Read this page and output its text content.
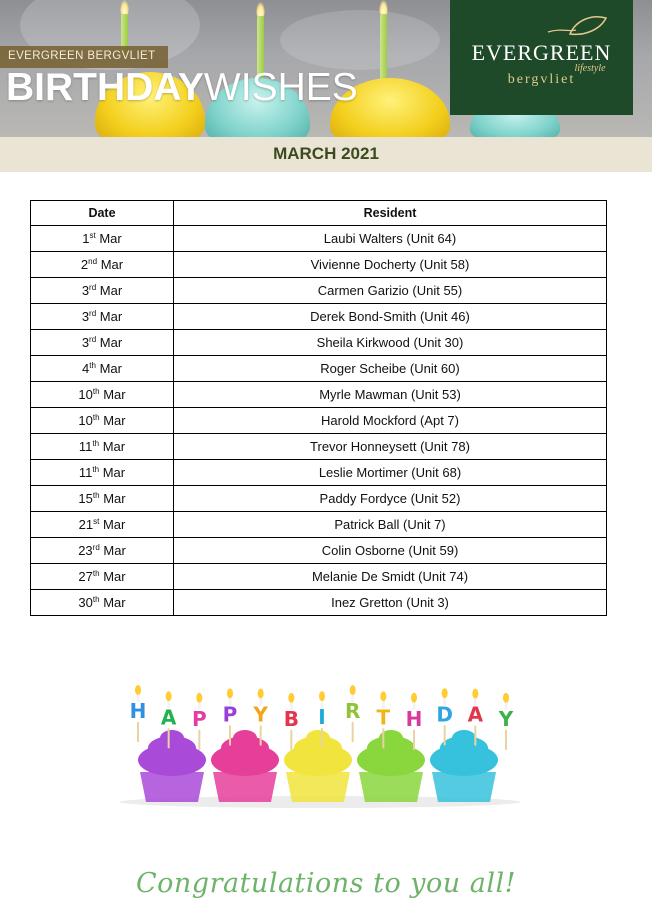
EVERGREEN BERGVLIET
BIRTHDAYWISHES
EVERGREEN
lifestyle
bergvliet
MARCH 2021
Date	Resident
1st Mar	Laubi Walters (Unit 64)
2nd Mar	Vivienne Docherty (Unit 58)
3rd Mar	Carmen Garizio (Unit 55)
3rd Mar	Derek Bond-Smith (Unit 46)
3rd Mar	Sheila Kirkwood (Unit 30)
4th Mar	Roger Scheibe (Unit 60)
10th Mar	Myrle Mawman (Unit 53)
10th Mar	Harold Mockford (Apt 7)
11th Mar	Trevor Honneysett (Unit 78)
11th Mar	Leslie Mortimer (Unit 68)
15th Mar	Paddy Fordyce (Unit 52)
21st Mar	Patrick Ball (Unit 7)
23rd Mar	Colin Osborne (Unit 59)
27th Mar	Melanie De Smidt (Unit 74)
30th Mar	Inez Gretton (Unit 3)
H A P P Y B I R T H D A Y
Congratulations to you all!
